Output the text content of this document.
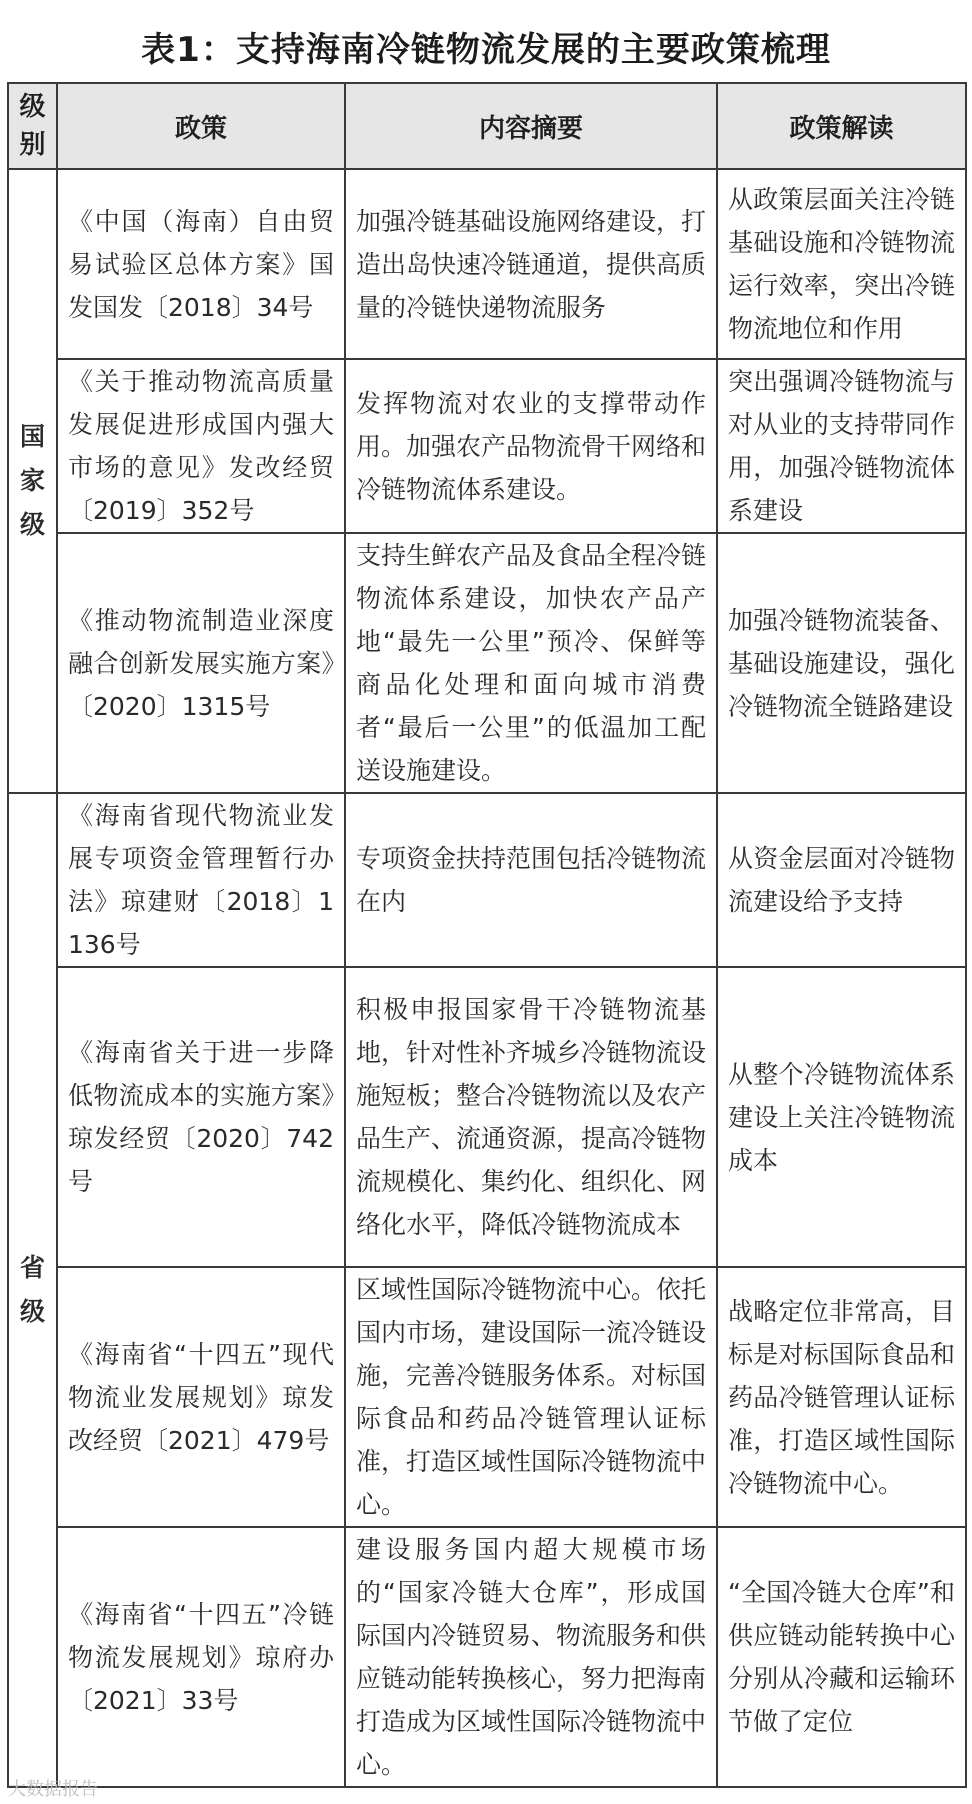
表1：支持海南冷链物流发展的主要政策梳理
级别	政策	内容摘要	政策解读
国家级	《中国（海南）自由贸易试验区总体方案》国发国发〔2018〕34号	加强冷链基础设施网络建设，打造出岛快速冷链通道，提供高质量的冷链快递物流服务	从政策层面关注冷链基础设施和冷链物流运行效率，突出冷链物流地位和作用
	《关于推动物流高质量发展促进形成国内强大市场的意见》发改经贸〔2019〕352号	发挥物流对农业的支撑带动作用。加强农产品物流骨干网络和冷链物流体系建设。	突出强调冷链物流与对从业的支持带同作用，加强冷链物流体系建设
	《推动物流制造业深度融合创新发展实施方案》〔2020〕1315号	支持生鲜农产品及食品全程冷链物流体系建设，加快农产品产地“最先一公里”预冷、保鲜等商品化处理和面向城市消费者“最后一公里”的低温加工配送设施建设。	加强冷链物流装备、基础设施建设，强化冷链物流全链路建设
省级	《海南省现代物流业发展专项资金管理暂行办法》琼建财〔2018〕1136号	专项资金扶持范围包括冷链物流在内	从资金层面对冷链物流建设给予支持
	《海南省关于进一步降低物流成本的实施方案》琼发经贸〔2020〕742号	积极申报国家骨干冷链物流基地，针对性补齐城乡冷链物流设施短板；整合冷链物流以及农产品生产、流通资源，提高冷链物流规模化、集约化、组织化、网络化水平，降低冷链物流成本	从整个冷链物流体系建设上关注冷链物流成本
	《海南省“十四五”现代物流业发展规划》琼发改经贸〔2021〕479号	区域性国际冷链物流中心。依托国内市场，建设国际一流冷链设施，完善冷链服务体系。对标国际食品和药品冷链管理认证标准，打造区域性国际冷链物流中心。	战略定位非常高，目标是对标国际食品和药品冷链管理认证标准，打造区域性国际冷链物流中心。
	《海南省“十四五”冷链物流发展规划》琼府办〔2021〕33号	建设服务国内超大规模市场的“国家冷链大仓库”，形成国际国内冷链贸易、物流服务和供应链动能转换核心，努力把海南打造成为区域性国际冷链物流中心。	“全国冷链大仓库”和供应链动能转换中心分别从冷藏和运输环节做了定位
大数据报告
